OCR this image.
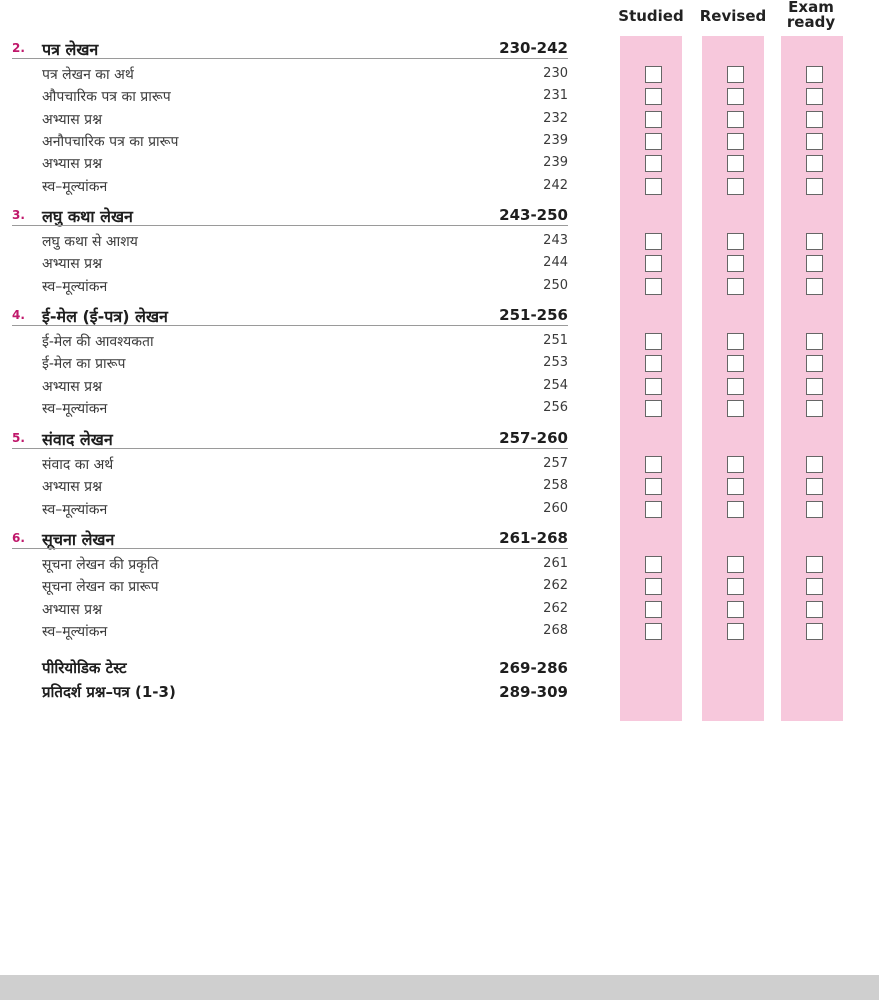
Studied Revised	Exam
ready
2. पत्र लेखन	230-242
पत्र लेखन का अर्थ	230
औपचारिक पत्र का प्रारूप	231
अभ्यास प्रश्न	232
अनौपचारिक पत्र का प्रारूप	239
अभ्यास प्रश्न	239
स्व–मूल्यांकन	242
3. लघु कथा लेखन	243-250
लघु कथा से आशय	243
अभ्यास प्रश्न	244
स्व–मूल्यांकन	250
4. ई-मेल (ई-पत्र) लेखन	251-256
ई-मेल की आवश्यकता	251
ई-मेल का प्रारूप	253
अभ्यास प्रश्न	254
स्व–मूल्यांकन	256
5. संवाद लेखन	257-260
संवाद का अर्थ	257
अभ्यास प्रश्न	258
स्व–मूल्यांकन	260
6. सूचना लेखन	261-268
सूचना लेखन की प्रकृति	261
सूचना लेखन का प्रारूप	262
अभ्यास प्रश्न	262
स्व–मूल्यांकन	268
पीरियोडिक टेस्ट	269-286
प्रतिदर्श प्रश्न–पत्र (1-3)	289-309
